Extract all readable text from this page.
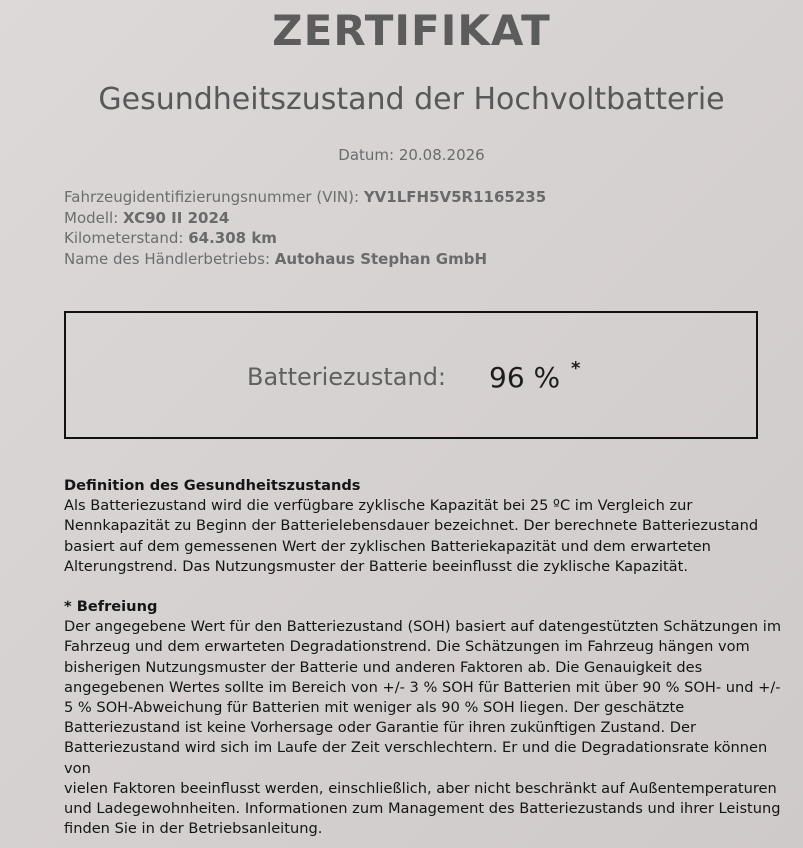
ZERTIFIKAT
Gesundheitszustand der Hochvoltbatterie
Datum: 20.08.2026
Fahrzeugidentifizierungsnummer (VIN): YV1LFH5V5R1165235
Modell: XC90 II 2024
Kilometerstand: 64.308 km
Name des Händlerbetriebs: Autohaus Stephan GmbH
Batteriezustand: 96 % *
Definition des Gesundheitszustands
Als Batteriezustand wird die verfügbare zyklische Kapazität bei 25 ºC im Vergleich zur
Nennkapazität zu Beginn der Batterielebensdauer bezeichnet. Der berechnete Batteriezustand
basiert auf dem gemessenen Wert der zyklischen Batteriekapazität und dem erwarteten
Alterungstrend. Das Nutzungsmuster der Batterie beeinflusst die zyklische Kapazität.
* Befreiung
Der angegebene Wert für den Batteriezustand (SOH) basiert auf datengestützten Schätzungen im
Fahrzeug und dem erwarteten Degradationstrend. Die Schätzungen im Fahrzeug hängen vom
bisherigen Nutzungsmuster der Batterie und anderen Faktoren ab. Die Genauigkeit des
angegebenen Wertes sollte im Bereich von +/- 3 % SOH für Batterien mit über 90 % SOH- und +/-
5 % SOH-Abweichung für Batterien mit weniger als 90 % SOH liegen. Der geschätzte
Batteriezustand ist keine Vorhersage oder Garantie für ihren zukünftigen Zustand. Der
Batteriezustand wird sich im Laufe der Zeit verschlechtern. Er und die Degradationsrate können von
vielen Faktoren beeinflusst werden, einschließlich, aber nicht beschränkt auf Außentemperaturen
und Ladegewohnheiten. Informationen zum Management des Batteriezustands und ihrer Leistung
finden Sie in der Betriebsanleitung.
